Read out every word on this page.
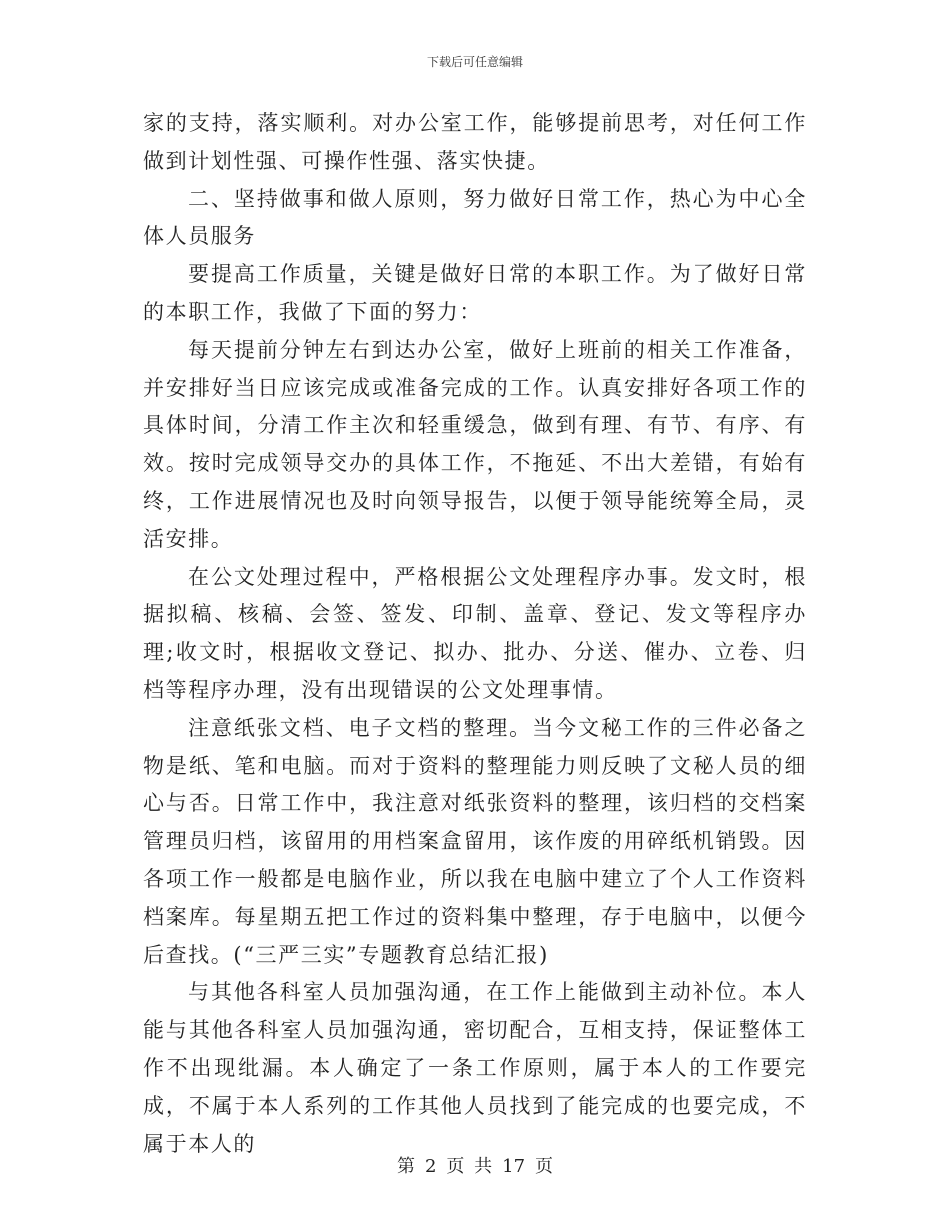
下载后可任意编辑

家的支持，落实顺利。对办公室工作，能够提前思考，对任何工作做到计划性强、可操作性强、落实快捷。

二、坚持做事和做人原则，努力做好日常工作，热心为中心全体人员服务

要提高工作质量，关键是做好日常的本职工作。为了做好日常的本职工作，我做了下面的努力：

每天提前分钟左右到达办公室，做好上班前的相关工作准备，并安排好当日应该完成或准备完成的工作。认真安排好各项工作的具体时间，分清工作主次和轻重缓急，做到有理、有节、有序、有效。按时完成领导交办的具体工作，不拖延、不出大差错，有始有终，工作进展情况也及时向领导报告，以便于领导能统筹全局，灵活安排。

在公文处理过程中，严格根据公文处理程序办事。发文时，根据拟稿、核稿、会签、签发、印制、盖章、登记、发文等程序办理;收文时，根据收文登记、拟办、批办、分送、催办、立卷、归档等程序办理，没有出现错误的公文处理事情。

注意纸张文档、电子文档的整理。当今文秘工作的三件必备之物是纸、笔和电脑。而对于资料的整理能力则反映了文秘人员的细心与否。日常工作中，我注意对纸张资料的整理，该归档的交档案管理员归档，该留用的用档案盒留用，该作废的用碎纸机销毁。因各项工作一般都是电脑作业，所以我在电脑中建立了个人工作资料档案库。每星期五把工作过的资料集中整理，存于电脑中，以便今后查找。(“三严三实”专题教育总结汇报)

与其他各科室人员加强沟通，在工作上能做到主动补位。本人能与其他各科室人员加强沟通，密切配合，互相支持，保证整体工作不出现纰漏。本人确定了一条工作原则，属于本人的工作要完成，不属于本人系列的工作其他人员找到了能完成的也要完成，不属于本人的

第 2 页 共 17 页
